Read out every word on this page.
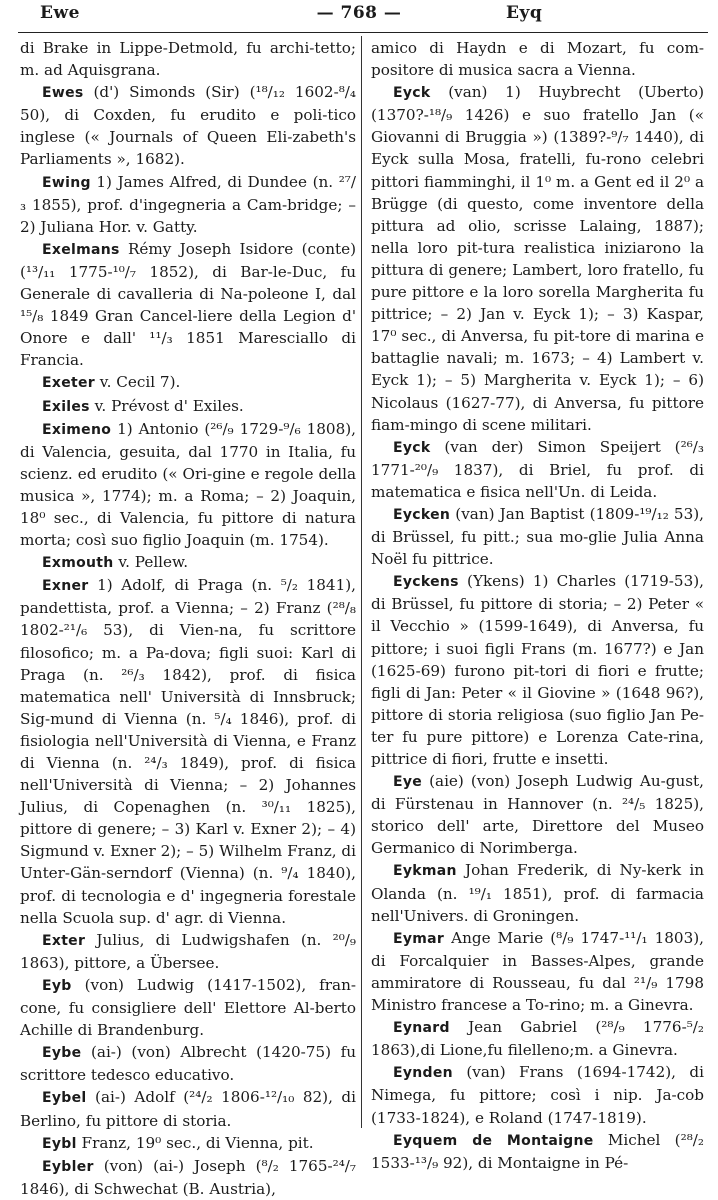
Ewe	— 768 —	Eyq

di Brake in Lippe-Detmold, fu archi-tetto; m. ad Aquisgrana.

Ewes (d') Simonds (Sir) (¹⁸/₁₂ 1602-⁸/₄ 50), di Coxden, fu erudito e poli-tico inglese (« Journals of Queen Eli-zabeth's Parliaments », 1682).

Ewing 1) James Alfred, di Dundee (n. ²⁷/₃ 1855), prof. d'ingegneria a Cam-bridge; – 2) Juliana Hor. v. Gatty.

Exelmans Rémy Joseph Isidore (conte) (¹³/₁₁ 1775-¹⁰/₇ 1852), di Bar-le-Duc, fu Generale di cavalleria di Na-poleone I, dal ¹⁵/₈ 1849 Gran Cancel-liere della Legion d' Onore e dall' ¹¹/₃ 1851 Maresciallo di Francia.

Exeter v. Cecil 7).

Exiles v. Prévost d' Exiles.

Eximeno 1) Antonio (²⁶/₉ 1729-⁹/₆ 1808), di Valencia, gesuita, dal 1770 in Italia, fu scienz. ed erudito (« Ori-gine e regole della musica », 1774); m. a Roma; – 2) Joaquin, 18⁰ sec., di Valencia, fu pittore di natura morta; così suo figlio Joaquin (m. 1754).

Exmouth v. Pellew.

Exner 1) Adolf, di Praga (n. ⁵/₂ 1841), pandettista, prof. a Vienna; – 2) Franz (²⁸/₈ 1802-²¹/₆ 53), di Vien-na, fu scrittore filosofico; m. a Pa-dova; figli suoi: Karl di Praga (n. ²⁶/₃ 1842), prof. di fisica matematica nell' Università di Innsbruck; Sig-mund di Vienna (n. ⁵/₄ 1846), prof. di fisiologia nell'Università di Vienna, e Franz di Vienna (n. ²⁴/₃ 1849), prof. di fisica nell'Università di Vienna; – 2) Johannes Julius, di Copenaghen (n. ³⁰/₁₁ 1825), pittore di genere; – 3) Karl v. Exner 2); – 4) Sigmund v. Exner 2); – 5) Wilhelm Franz, di Unter-Gän-serndorf (Vienna) (n. ⁹/₄ 1840), prof. di tecnologia e d' ingegneria forestale nella Scuola sup. d' agr. di Vienna.

Exter Julius, di Ludwigshafen (n. ²⁰/₉ 1863), pittore, a Übersee.

Eyb (von) Ludwig (1417-1502), fran-cone, fu consigliere dell' Elettore Al-berto Achille di Brandenburg.

Eybe (ai-) (von) Albrecht (1420-75) fu scrittore tedesco educativo.

Eybel (ai-) Adolf (²⁴/₂ 1806-¹²/₁₀ 82), di Berlino, fu pittore di storia.

Eybl Franz, 19⁰ sec., di Vienna, pit.

Eybler (von) (ai-) Joseph (⁸/₂ 1765-²⁴/₇ 1846), di Schwechat (B. Austria),

amico di Haydn e di Mozart, fu com-positore di musica sacra a Vienna.

Eyck (van) 1) Huybrecht (Uberto) (1370?-¹⁸/₉ 1426) e suo fratello Jan (« Giovanni di Bruggia ») (1389?-⁹/₇ 1440), di Eyck sulla Mosa, fratelli, fu-rono celebri pittori fiamminghi, il 1⁰ m. a Gent ed il 2⁰ a Brügge (di questo, come inventore della pittura ad olio, scrisse Lalaing, 1887); nella loro pit-tura realistica iniziarono la pittura di genere; Lambert, loro fratello, fu pure pittore e la loro sorella Margherita fu pittrice; – 2) Jan v. Eyck 1); – 3) Kaspar, 17⁰ sec., di Anversa, fu pit-tore di marina e battaglie navali; m. 1673; – 4) Lambert v. Eyck 1); – 5) Margherita v. Eyck 1); – 6) Nicolaus (1627-77), di Anversa, fu pittore fiam-mingo di scene militari.

Eyck (van der) Simon Speijert (²⁶/₃ 1771-²⁰/₉ 1837), di Briel, fu prof. di matematica e fisica nell'Un. di Leida.

Eycken (van) Jan Baptist (1809-¹⁹/₁₂ 53), di Brüssel, fu pitt.; sua mo-glie Julia Anna Noël fu pittrice.

Eyckens (Ykens) 1) Charles (1719-53), di Brüssel, fu pittore di storia; – 2) Peter « il Vecchio » (1599-1649), di Anversa, fu pittore; i suoi figli Frans (m. 1677?) e Jan (1625-69) furono pit-tori di fiori e frutte; figli di Jan: Peter « il Giovine » (1648 96?), pittore di storia religiosa (suo figlio Jan Pe-ter fu pure pittore) e Lorenza Cate-rina, pittrice di fiori, frutte e insetti.

Eye (aie) (von) Joseph Ludwig Au-gust, di Fürstenau in Hannover (n. ²⁴/₅ 1825), storico dell' arte, Direttore del Museo Germanico di Norimberga.

Eykman Johan Frederik, di Ny-kerk in Olanda (n. ¹⁹/₁ 1851), prof. di farmacia nell'Univers. di Groningen.

Eymar Ange Marie (⁸/₉ 1747-¹¹/₁ 1803), di Forcalquier in Basses-Alpes, grande ammiratore di Rousseau, fu dal ²¹/₉ 1798 Ministro francese a To-rino; m. a Ginevra.

Eynard Jean Gabriel (²⁸/₉ 1776-⁵/₂ 1863),di Lione,fu filelleno;m. a Ginevra.

Eynden (van) Frans (1694-1742), di Nimega, fu pittore; così i nip. Ja-cob (1733-1824), e Roland (1747-1819).

Eyquem de Montaigne Michel (²⁸/₂ 1533-¹³/₉ 92), di Montaigne in Pé-
